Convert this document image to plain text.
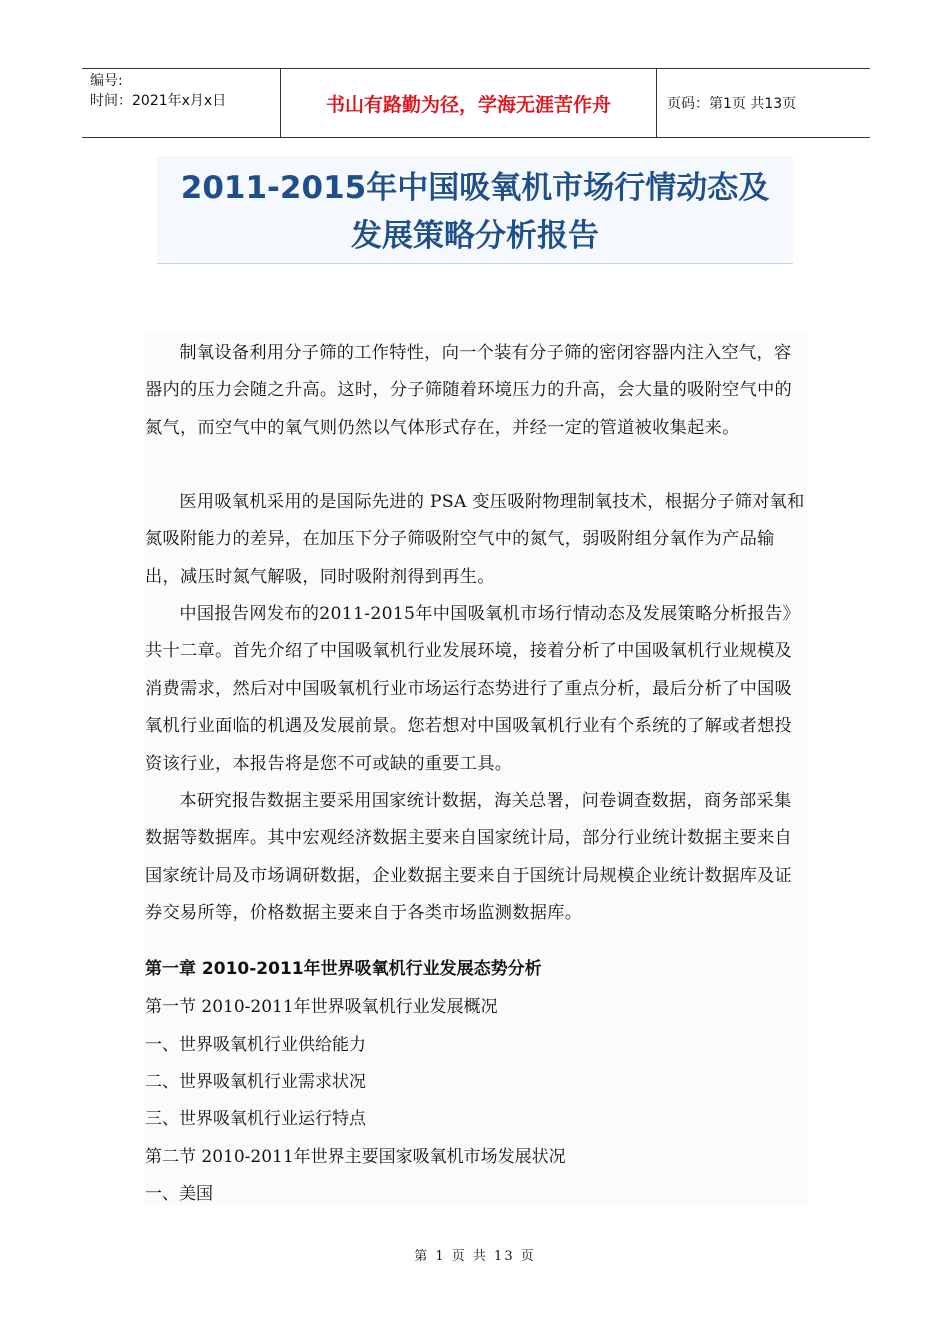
编号:
时间：2021年x月x日	书山有路勤为径，学海无涯苦作舟	页码：第1页 共13页
2011-2015年中国吸氧机市场行情动态及
发展策略分析报告

制氧设备利用分子筛的工作特性，向一个装有分子筛的密闭容器内注入空气，容器内的压力会随之升高。这时，分子筛随着环境压力的升高，会大量的吸附空气中的氮气，而空气中的氧气则仍然以气体形式存在，并经一定的管道被收集起来。

医用吸氧机采用的是国际先进的 PSA 变压吸附物理制氧技术，根据分子筛对氧和氮吸附能力的差异，在加压下分子筛吸附空气中的氮气，弱吸附组分氧作为产品输出，减压时氮气解吸，同时吸附剂得到再生。

中国报告网发布的2011-2015年中国吸氧机市场行情动态及发展策略分析报告》共十二章。首先介绍了中国吸氧机行业发展环境，接着分析了中国吸氧机行业规模及消费需求，然后对中国吸氧机行业市场运行态势进行了重点分析，最后分析了中国吸氧机行业面临的机遇及发展前景。您若想对中国吸氧机行业有个系统的了解或者想投资该行业，本报告将是您不可或缺的重要工具。

本研究报告数据主要采用国家统计数据，海关总署，问卷调查数据，商务部采集数据等数据库。其中宏观经济数据主要来自国家统计局，部分行业统计数据主要来自国家统计局及市场调研数据，企业数据主要来自于国统计局规模企业统计数据库及证券交易所等，价格数据主要来自于各类市场监测数据库。

第一章 2010-2011年世界吸氧机行业发展态势分析
第一节 2010-2011年世界吸氧机行业发展概况
一、世界吸氧机行业供给能力
二、世界吸氧机行业需求状况
三、世界吸氧机行业运行特点
第二节 2010-2011年世界主要国家吸氧机市场发展状况
一、美国
第 1 页 共 13 页
